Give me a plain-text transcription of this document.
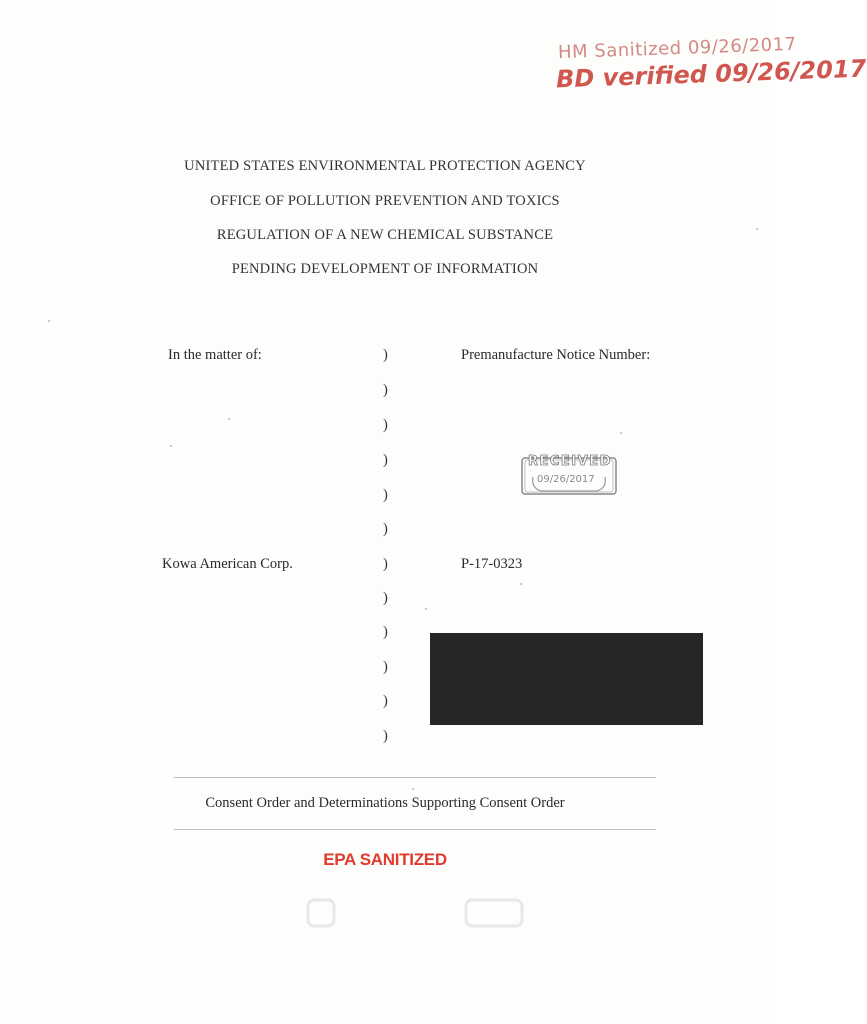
HM Sanitized 09/26/2017
BD verified 09/26/2017
UNITED STATES ENVIRONMENTAL PROTECTION AGENCY
OFFICE OF POLLUTION PREVENTION AND TOXICS
REGULATION OF A NEW CHEMICAL SUBSTANCE
PENDING DEVELOPMENT OF INFORMATION
In the matter of:	Premanufacture Notice Number:
)
)
)
)
)
)
)
)
)
)
)
)
Kowa American Corp.	P-17-0323
RECEIVED
09/26/2017
Consent Order and Determinations Supporting Consent Order
EPA SANITIZED
